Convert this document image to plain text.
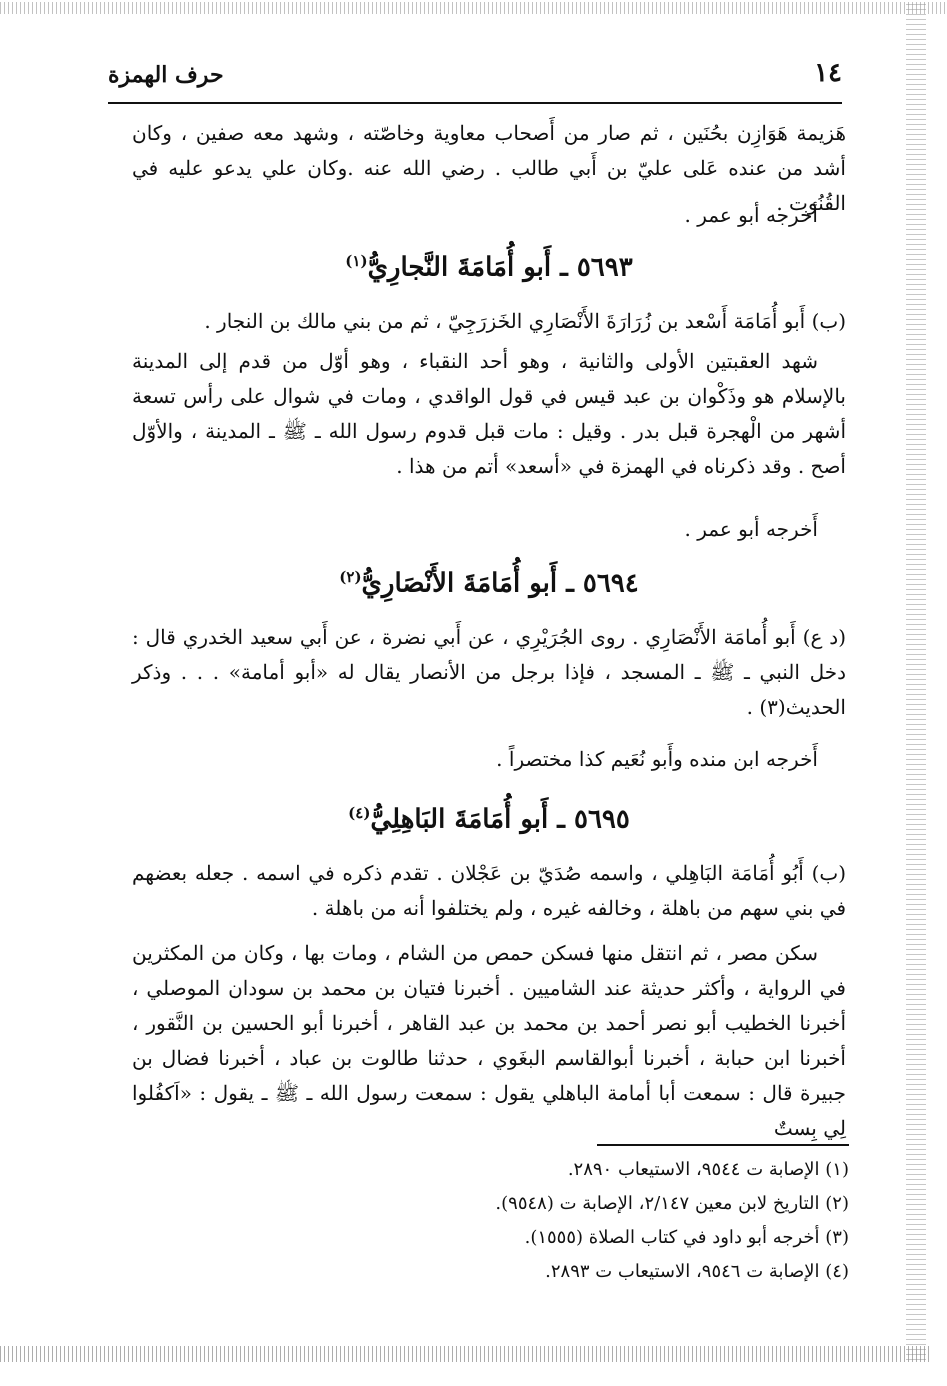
١٤
حرف الهمزة
هَزيمة هَوَازِن بحُنَين ، ثم صار من أَصحاب معاوية وخاصّته ، وشهد معه صفين ، وكان أشد من عنده عَلى عليّ بن أَبي طالب . رضي الله عنه .وكان علي يدعو عليه في القُنُوت .
أخرجه أبو عمر .
٥٦٩٣ ـ أَبو أُمَامَةَ النَّجارِيُّ$^{(١)}$
(ب) أَبو أُمَامَة أَسْعد بن زُرَارَةَ الأَنْصَارِي الخَزرَجِيّ ، ثم من بني مالك بن النجار .
شهد العقبتين الأولى والثانية ، وهو أحد النقباء ، وهو أوّل من قدم إلى المدينة بالإسلام هو وذَكْوان بن عبد قيس في قول الواقدي ، ومات في شوال على رأس تسعة أشهر من الْهجرة قبل بدر . وقيل : مات قبل قدوم رسول الله ـ ﷺ ـ المدينة ، والأوّل أصح . وقد ذكرناه في الهمزة في «أسعد» أتم من هذا .
أَخرجه أبو عمر .
٥٦٩٤ ـ أَبو أُمَامَةَ الأَنْصَارِيُّ$^{(٢)}$
(د ع) أَبو أُمامَة الأَنْصَارِي . روى الجُرَيْرِي ، عن أَبي نضرة ، عن أَبي سعيد الخدري قال : دخل النبي ـ ﷺ ـ المسجد ، فإذا برجل من الأنصار يقال له «أبو أمامة» . . . وذكر الحديث(٣) .
أَخرجه ابن منده وأَبو نُعَيم كذا مختصراً .
٥٦٩٥ ـ أَبو أُمَامَةَ البَاهِلِيُّ$^{(٤)}$
(ب) أَبُو أُمَامَة البَاهِلي ، واسمه صُدَيّ بن عَجْلان . تقدم ذكره في اسمه . جعله بعضهم في بني سهم من باهلة ، وخالفه غيره ، ولم يختلفوا أنه من باهلة .
سكن مصر ، ثم انتقل منها فسكن حمص من الشام ، ومات بها ، وكان من المكثرين في الرواية ، وأكثر حديثة عند الشاميين . أخبرنا فتيان بن محمد بن سودان الموصلي ، أخبرنا الخطيب أبو نصر أحمد بن محمد بن عبد القاهر ، أخبرنا أبو الحسين بن النَّقور ، أخبرنا ابن حبابة ، أخبرنا أبوالقاسم البغَوي ، حدثنا طالوت بن عباد ، أخبرنا فضال بن جبيرة قال : سمعت أبا أمامة الباهلي يقول : سمعت رسول الله ـ ﷺ ـ يقول : «اَكفُلوا لِي بِستٌ
(١) الإصابة ت ٩٥٤٤، الاستيعاب ٢٨٩٠.
(٢) التاريخ لابن معين ٢/١٤٧، الإصابة ت (٩٥٤٨).
(٣) أخرجه أبو داود في كتاب الصلاة (١٥٥٥).
(٤) الإصابة ت ٩٥٤٦، الاستيعاب ت ٢٨٩٣.
